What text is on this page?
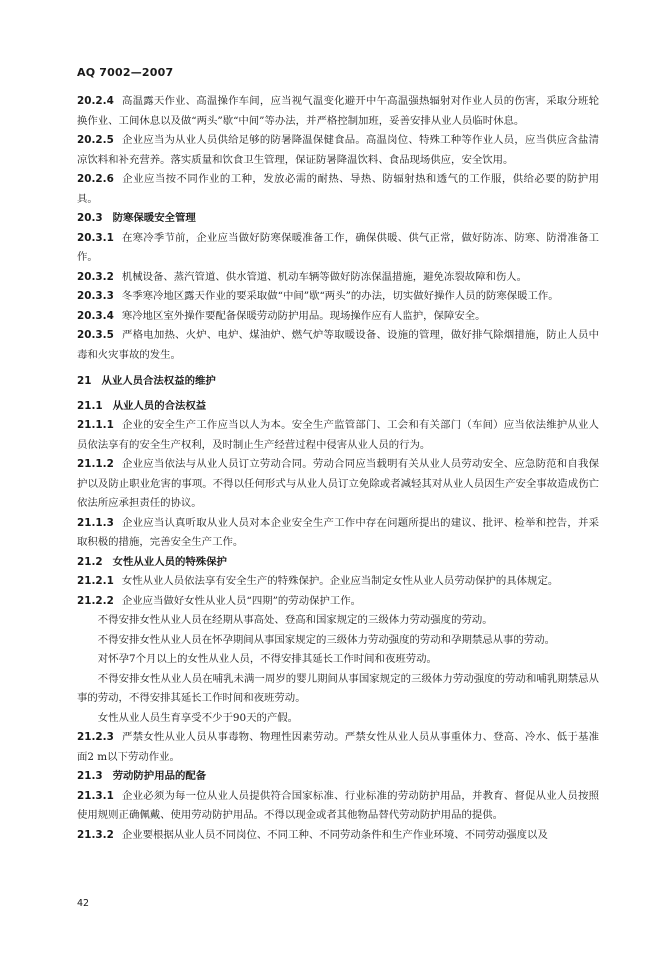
AQ 7002—2007

20.2.4 高温露天作业、高温操作车间，应当视气温变化避开中午高温强热辐射对作业人员的伤害，采取分班轮换作业、工间休息以及做“两头”歇“中间”等办法，并严格控制加班，妥善安排从业人员临时休息。

20.2.5 企业应当为从业人员供给足够的防暑降温保健食品。高温岗位、特殊工种等作业人员，应当供应含盐清凉饮料和补充营养。落实质量和饮食卫生管理，保证防暑降温饮料、食品现场供应，安全饮用。

20.2.6 企业应当按不同作业的工种，发放必需的耐热、导热、防辐射热和透气的工作服，供给必要的防护用具。

20.3 防寒保暖安全管理

20.3.1 在寒冷季节前，企业应当做好防寒保暖准备工作，确保供暖、供气正常，做好防冻、防寒、防滑准备工作。

20.3.2 机械设备、蒸汽管道、供水管道、机动车辆等做好防冻保温措施，避免冻裂故障和伤人。

20.3.3 冬季寒冷地区露天作业的要采取做“中间”歇“两头”的办法，切实做好操作人员的防寒保暖工作。

20.3.4 寒冷地区室外操作要配备保暖劳动防护用品。现场操作应有人监护，保障安全。

20.3.5 严格电加热、火炉、电炉、煤油炉、燃气炉等取暖设备、设施的管理，做好排气除烟措施，防止人员中毒和火灾事故的发生。

21 从业人员合法权益的维护

21.1 从业人员的合法权益

21.1.1 企业的安全生产工作应当以人为本。安全生产监管部门、工会和有关部门（车间）应当依法维护从业人员依法享有的安全生产权利，及时制止生产经营过程中侵害从业人员的行为。

21.1.2 企业应当依法与从业人员订立劳动合同。劳动合同应当载明有关从业人员劳动安全、应急防范和自我保护以及防止职业危害的事项。不得以任何形式与从业人员订立免除或者减轻其对从业人员因生产安全事故造成伤亡依法所应承担责任的协议。

21.1.3 企业应当认真听取从业人员对本企业安全生产工作中存在问题所提出的建议、批评、检举和控告，并采取积极的措施，完善安全生产工作。

21.2 女性从业人员的特殊保护

21.2.1 女性从业人员依法享有安全生产的特殊保护。企业应当制定女性从业人员劳动保护的具体规定。

21.2.2 企业应当做好女性从业人员“四期”的劳动保护工作。

不得安排女性从业人员在经期从事高处、登高和国家规定的三级体力劳动强度的劳动。

不得安排女性从业人员在怀孕期间从事国家规定的三级体力劳动强度的劳动和孕期禁忌从事的劳动。

对怀孕7个月以上的女性从业人员，不得安排其延长工作时间和夜班劳动。

不得安排女性从业人员在哺乳未满一周岁的婴儿期间从事国家规定的三级体力劳动强度的劳动和哺乳期禁忌从事的劳动，不得安排其延长工作时间和夜班劳动。

女性从业人员生育享受不少于90天的产假。

21.2.3 严禁女性从业人员从事毒物、物理性因素劳动。严禁女性从业人员从事重体力、登高、冷水、低于基准面2 m以下劳动作业。

21.3 劳动防护用品的配备

21.3.1 企业必须为每一位从业人员提供符合国家标准、行业标准的劳动防护用品，并教育、督促从业人员按照使用规则正确佩戴、使用劳动防护用品。不得以现金或者其他物品替代劳动防护用品的提供。

21.3.2 企业要根据从业人员不同岗位、不同工种、不同劳动条件和生产作业环境、不同劳动强度以及

42
